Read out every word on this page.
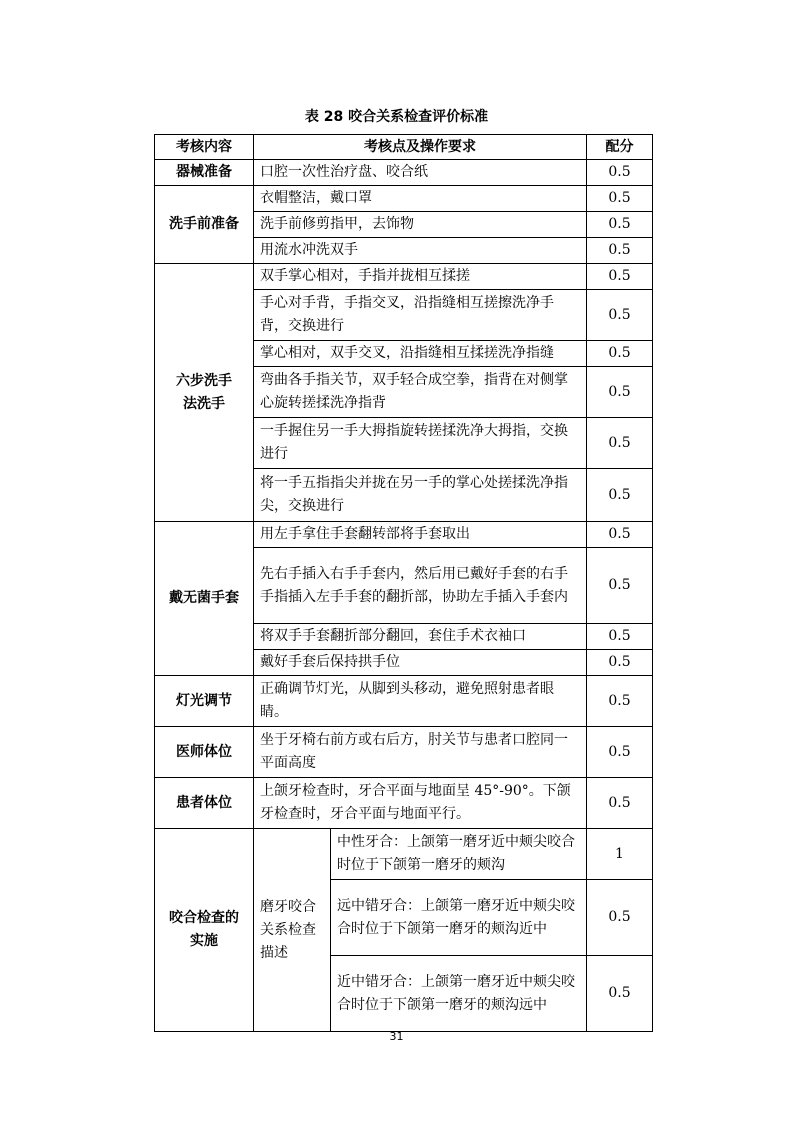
表 28 咬合关系检查评价标准
考核内容	考核点及操作要求		配分
器械准备	口腔一次性治疗盘、咬合纸		0.5
洗手前准备	衣帽整洁，戴口罩		0.5
	洗手前修剪指甲，去饰物		0.5
	用流水冲洗双手		0.5
六步洗手法洗手	双手掌心相对，手指并拢相互揉搓		0.5
	手心对手背，手指交叉，沿指缝相互搓擦洗净手背，交换进行		0.5
	掌心相对，双手交叉，沿指缝相互揉搓洗净指缝		0.5
	弯曲各手指关节，双手轻合成空拳，指背在对侧掌心旋转搓揉洗净指背		0.5
	一手握住另一手大拇指旋转搓揉洗净大拇指，交换进行		0.5
	将一手五指指尖并拢在另一手的掌心处搓揉洗净指尖，交换进行		0.5
戴无菌手套	用左手拿住手套翻转部将手套取出		0.5
	先右手插入右手手套内，然后用已戴好手套的右手手指插入左手手套的翻折部，协助左手插入手套内		0.5
	将双手手套翻折部分翻回，套住手术衣袖口		0.5
	戴好手套后保持拱手位		0.5
灯光调节	正确调节灯光，从脚到头移动，避免照射患者眼睛。		0.5
医师体位	坐于牙椅右前方或右后方，肘关节与患者口腔同一平面高度		0.5
患者体位	上颌牙检查时，牙合平面与地面呈 45°-90°。下颌牙检查时，牙合平面与地面平行。		0.5
咬合检查的实施	磨牙咬合关系检查描述	中性牙合：上颌第一磨牙近中颊尖咬合时位于下颌第一磨牙的颊沟	1
		远中错牙合：上颌第一磨牙近中颊尖咬合时位于下颌第一磨牙的颊沟近中	0.5
		近中错牙合：上颌第一磨牙近中颊尖咬合时位于下颌第一磨牙的颊沟远中	0.5
31
